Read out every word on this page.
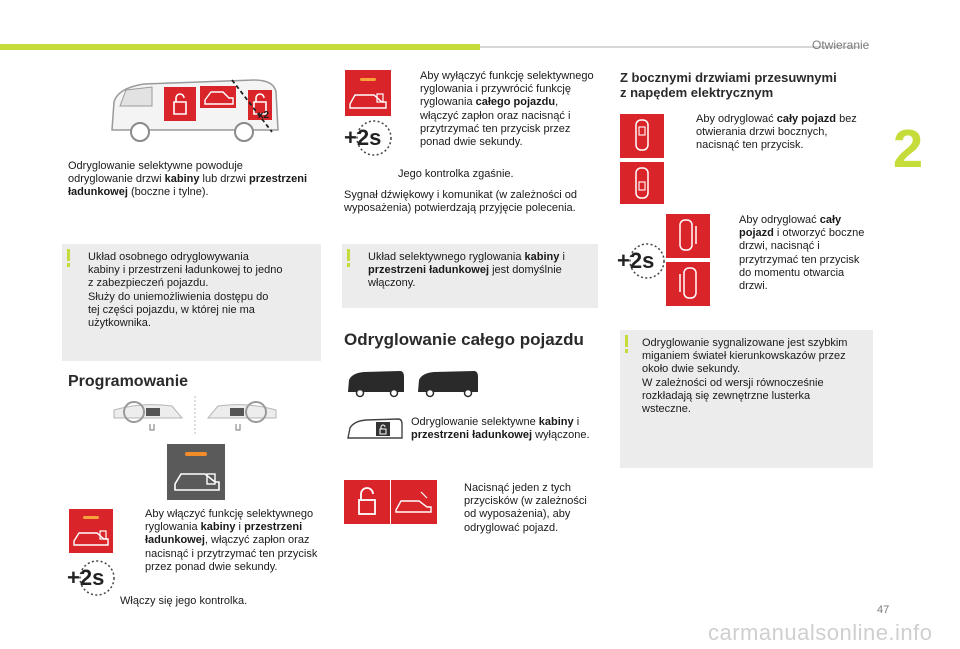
Otwieranie
2
47
x2
Odryglowanie selektywne powoduje odryglowanie drzwi kabiny lub drzwi przestrzeni ładunkowej (boczne i tylne).
Układ osobnego odryglowywania
kabiny i przestrzeni ładunkowej to jedno
z zabezpieczeń pojazdu.
Służy do uniemożliwienia dostępu do
tej części pojazdu, w której nie ma
użytkownika.
Programowanie
+2s
Aby włączyć funkcję selektywnego ryglowania kabiny i przestrzeni ładunkowej, włączyć zapłon oraz nacisnąć i przytrzymać ten przycisk przez ponad dwie sekundy.
Włączy się jego kontrolka.
+2s
Aby wyłączyć funkcję selektywnego ryglowania i przywrócić funkcję ryglowania całego pojazdu, włączyć zapłon oraz nacisnąć i przytrzymać ten przycisk przez ponad dwie sekundy.
Jego kontrolka zgaśnie.
Sygnał dźwiękowy i komunikat (w zależności od wyposażenia) potwierdzają przyjęcie polecenia.
Układ selektywnego ryglowania kabiny i przestrzeni ładunkowej jest domyślnie włączony.
Odryglowanie całego pojazdu
Odryglowanie selektywne kabiny i przestrzeni ładunkowej wyłączone.
Nacisnąć jeden z tych przycisków (w zależności od wyposażenia), aby odryglować pojazd.
Z bocznymi drzwiami przesuwnymi
z napędem elektrycznym
Aby odryglować cały pojazd bez otwierania drzwi bocznych, nacisnąć ten przycisk.
+2s
Aby odryglować cały pojazd i otworzyć boczne drzwi, nacisnąć i przytrzymać ten przycisk do momentu otwarcia drzwi.
Odryglowanie sygnalizowane jest szybkim
miganiem świateł kierunkowskazów przez
około dwie sekundy.
W zależności od wersji równocześnie
rozkładają się zewnętrzne lusterka
wsteczne.
carmanualsonline.info
